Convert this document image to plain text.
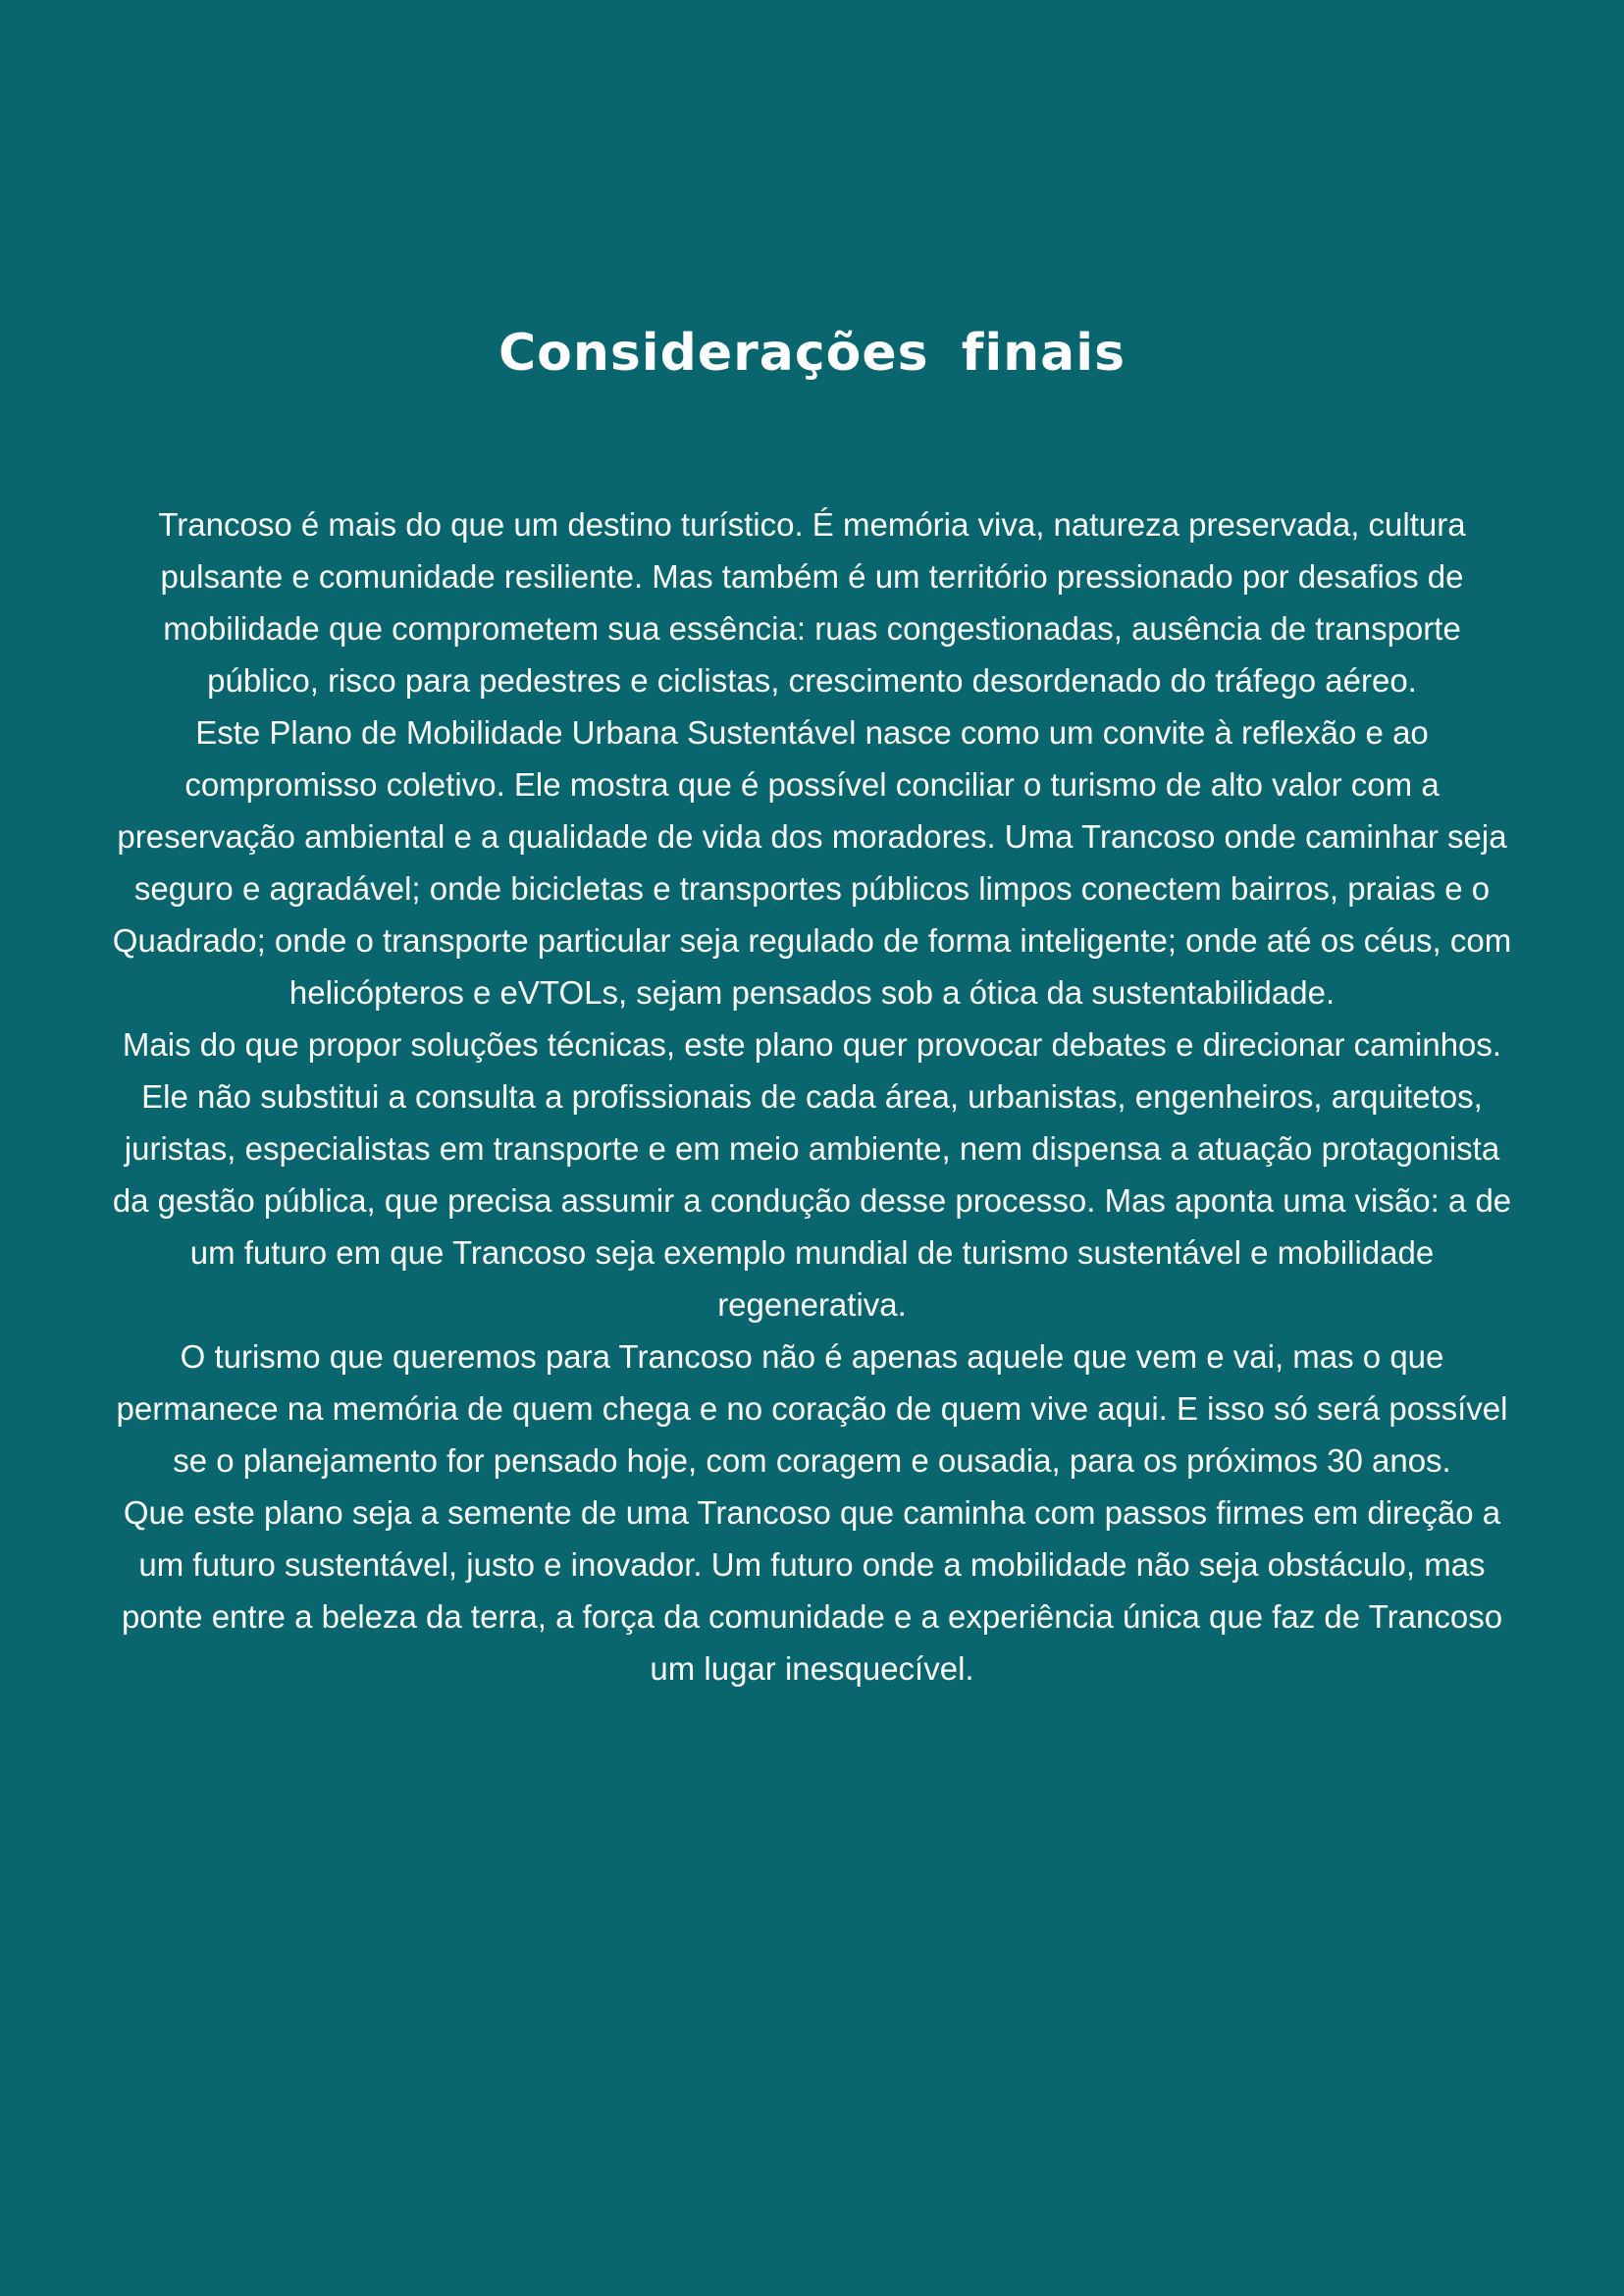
Considerações finais

Trancoso é mais do que um destino turístico. É memória viva, natureza preservada, cultura pulsante e comunidade resiliente. Mas também é um território pressionado por desafios de mobilidade que comprometem sua essência: ruas congestionadas, ausência de transporte público, risco para pedestres e ciclistas, crescimento desordenado do tráfego aéreo.

Este Plano de Mobilidade Urbana Sustentável nasce como um convite à reflexão e ao compromisso coletivo. Ele mostra que é possível conciliar o turismo de alto valor com a preservação ambiental e a qualidade de vida dos moradores. Uma Trancoso onde caminhar seja seguro e agradável; onde bicicletas e transportes públicos limpos conectem bairros, praias e o Quadrado; onde o transporte particular seja regulado de forma inteligente; onde até os céus, com helicópteros e eVTOLs, sejam pensados sob a ótica da sustentabilidade.

Mais do que propor soluções técnicas, este plano quer provocar debates e direcionar caminhos. Ele não substitui a consulta a profissionais de cada área, urbanistas, engenheiros, arquitetos, juristas, especialistas em transporte e em meio ambiente, nem dispensa a atuação protagonista da gestão pública, que precisa assumir a condução desse processo. Mas aponta uma visão: a de um futuro em que Trancoso seja exemplo mundial de turismo sustentável e mobilidade regenerativa.

O turismo que queremos para Trancoso não é apenas aquele que vem e vai, mas o que permanece na memória de quem chega e no coração de quem vive aqui. E isso só será possível se o planejamento for pensado hoje, com coragem e ousadia, para os próximos 30 anos.

Que este plano seja a semente de uma Trancoso que caminha com passos firmes em direção a um futuro sustentável, justo e inovador. Um futuro onde a mobilidade não seja obstáculo, mas ponte entre a beleza da terra, a força da comunidade e a experiência única que faz de Trancoso um lugar inesquecível.
